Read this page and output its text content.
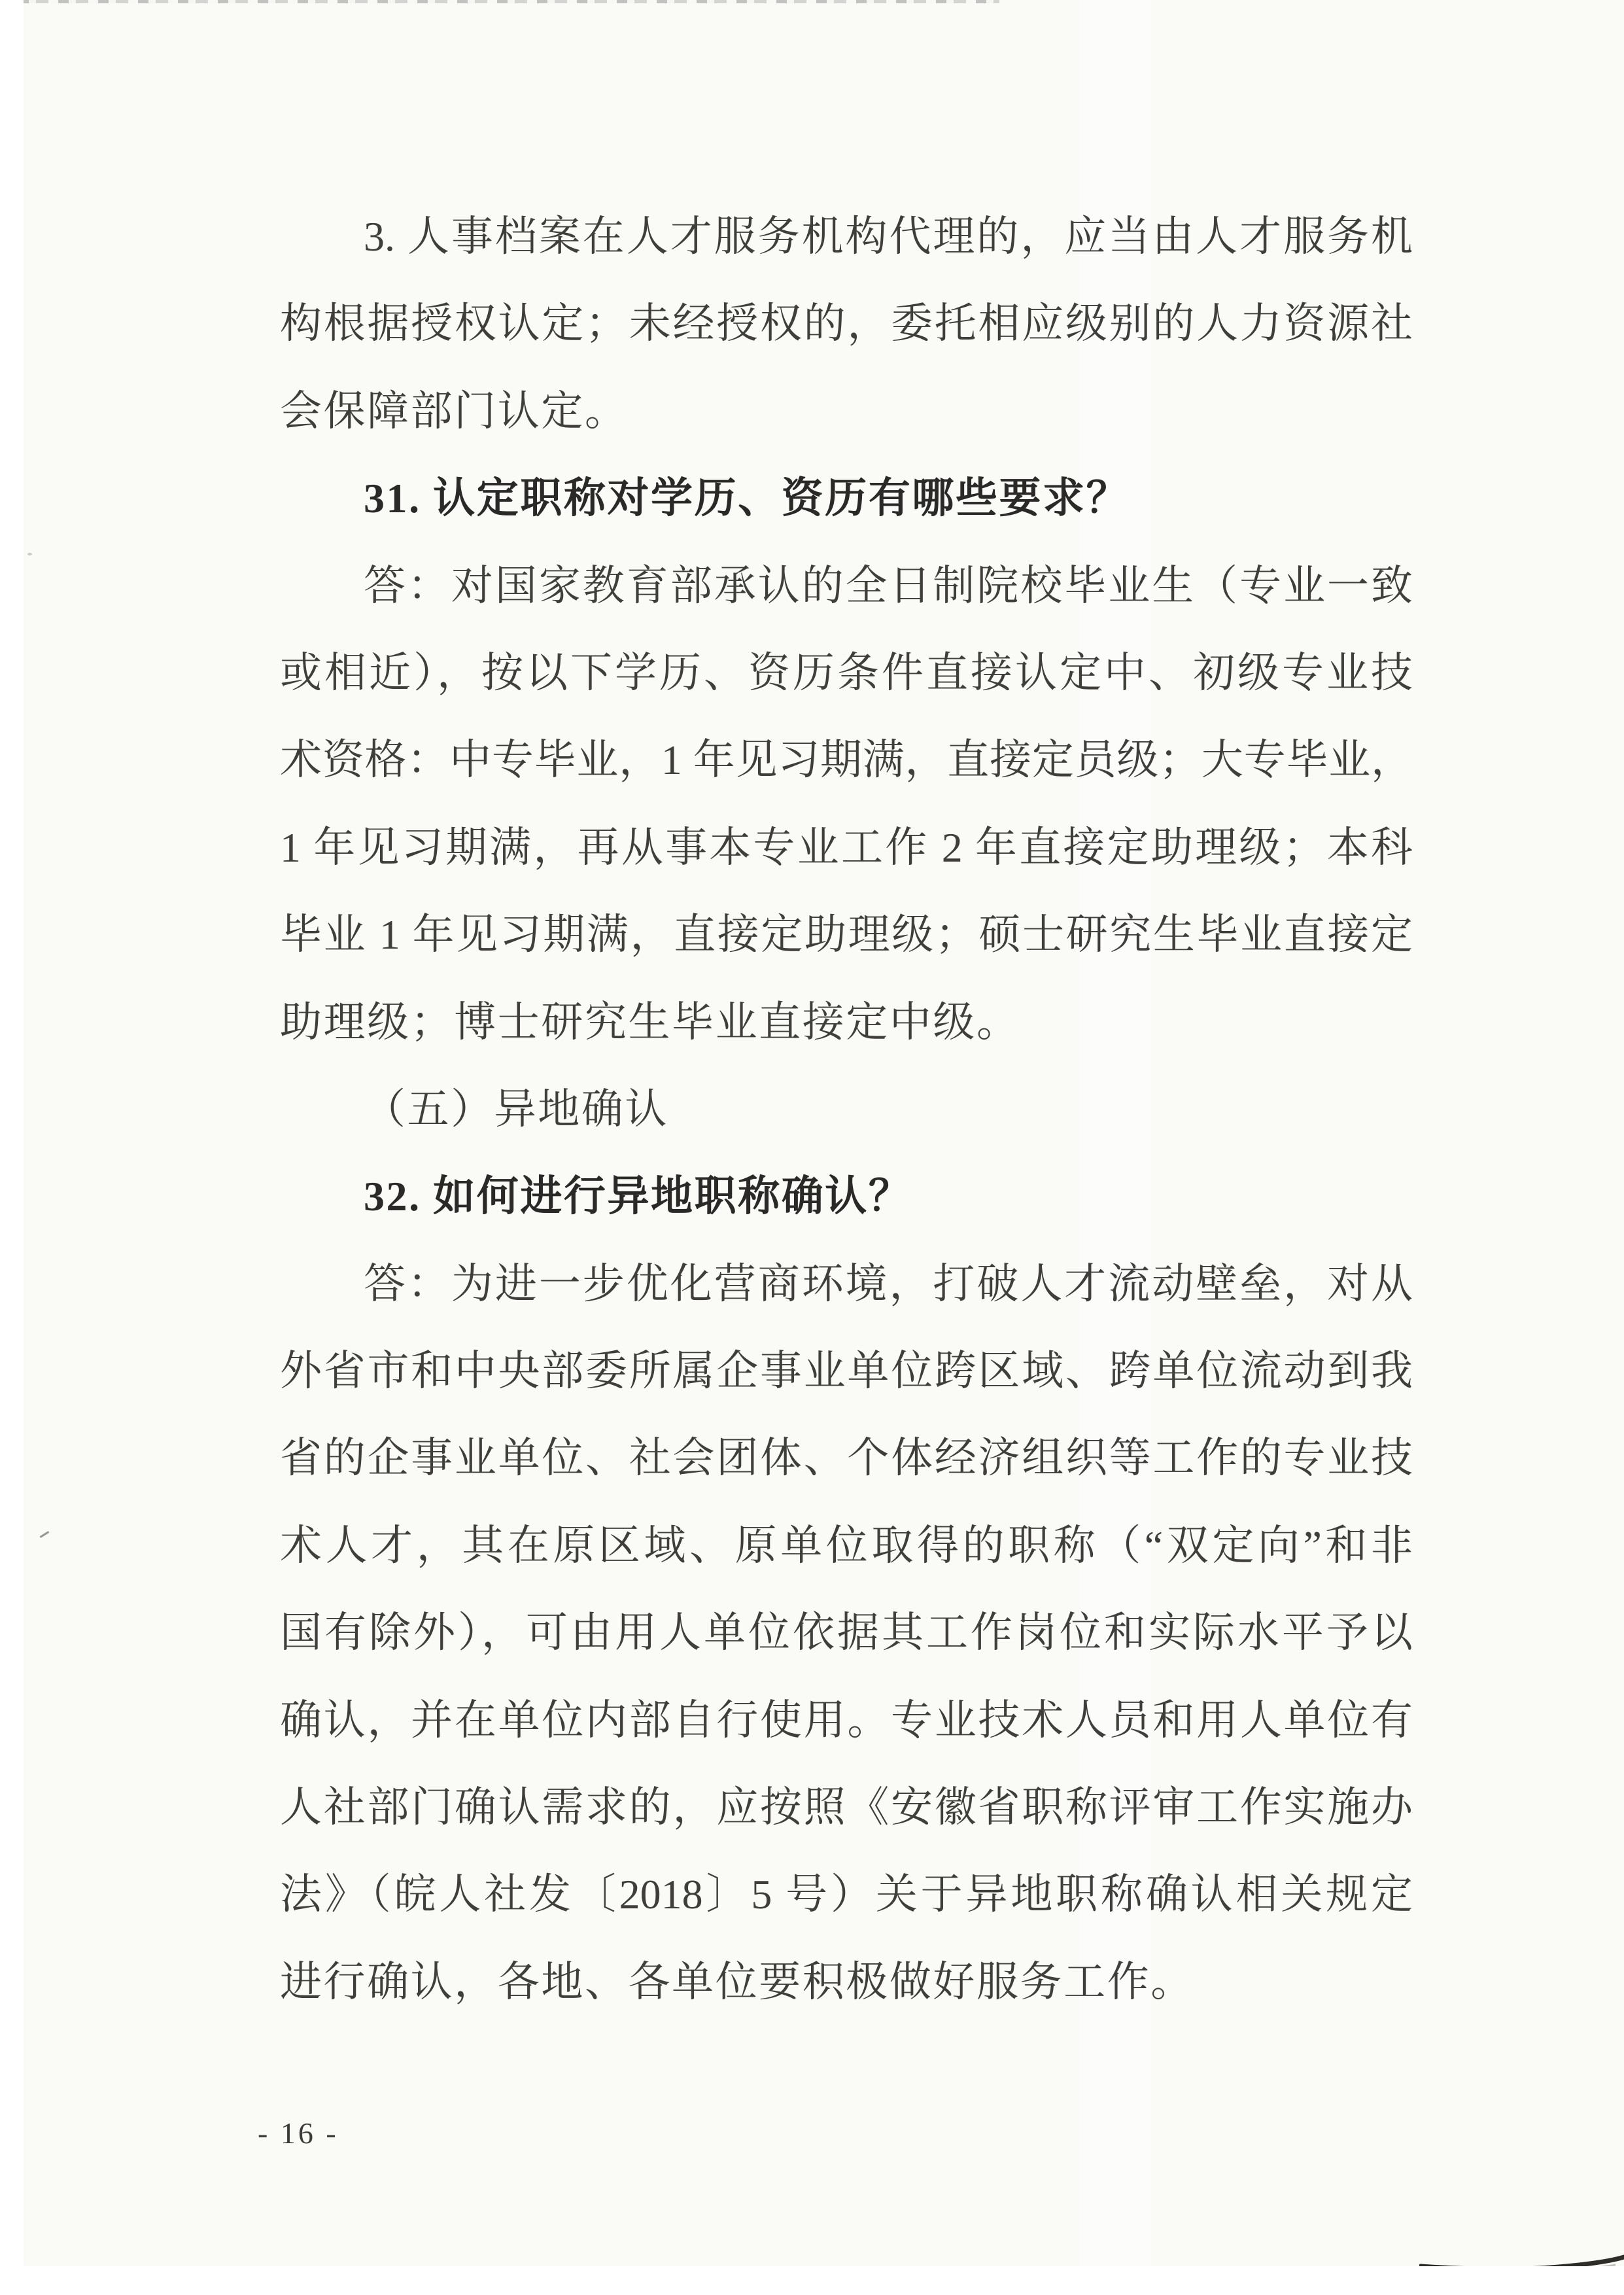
3. 人事档案在人才服务机构代理的，应当由人才服务机
构根据授权认定；未经授权的，委托相应级别的人力资源社
会保障部门认定。
31. 认定职称对学历、资历有哪些要求？
答：对国家教育部承认的全日制院校毕业生（专业一致
或相近），按以下学历、资历条件直接认定中、初级专业技
术资格：中专毕业，1 年见习期满，直接定员级；大专毕业，
1 年见习期满，再从事本专业工作 2 年直接定助理级；本科
毕业 1 年见习期满，直接定助理级；硕士研究生毕业直接定
助理级；博士研究生毕业直接定中级。
（五）异地确认
32. 如何进行异地职称确认？
答：为进一步优化营商环境，打破人才流动壁垒，对从
外省市和中央部委所属企事业单位跨区域、跨单位流动到我
省的企事业单位、社会团体、个体经济组织等工作的专业技
术人才，其在原区域、原单位取得的职称（“双定向”和非
国有除外），可由用人单位依据其工作岗位和实际水平予以
确认，并在单位内部自行使用。专业技术人员和用人单位有
人社部门确认需求的，应按照《安徽省职称评审工作实施办
法》（皖人社发〔2018〕5 号）关于异地职称确认相关规定
进行确认，各地、各单位要积极做好服务工作。
- 16 -
